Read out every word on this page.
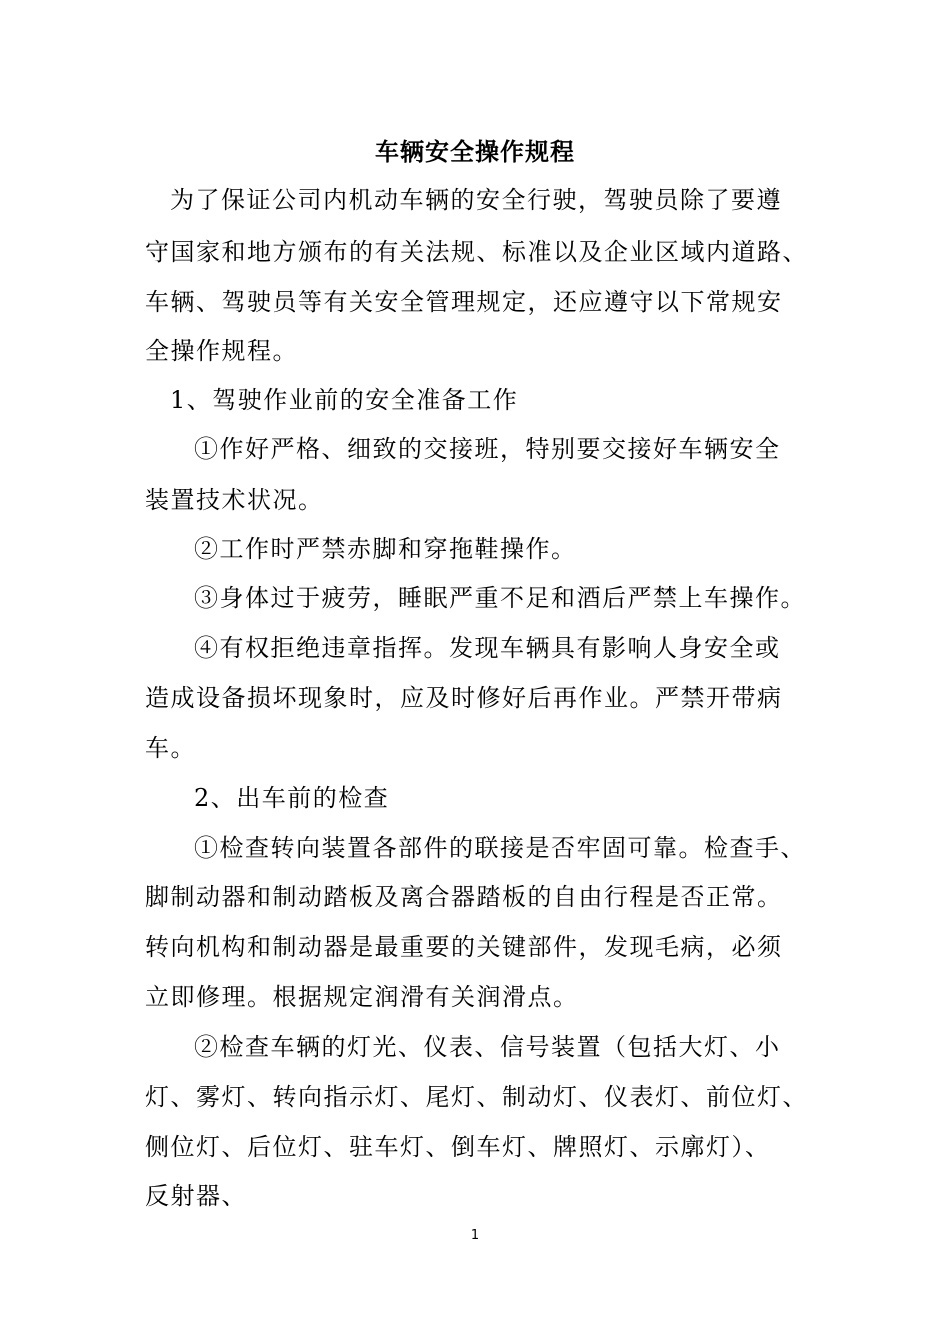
车辆安全操作规程
为了保证公司内机动车辆的安全行驶，驾驶员除了要遵
守国家和地方颁布的有关法规、标准以及企业区域内道路、
车辆、驾驶员等有关安全管理规定，还应遵守以下常规安
全操作规程。
1、驾驶作业前的安全准备工作
①作好严格、细致的交接班，特别要交接好车辆安全
装置技术状况。
②工作时严禁赤脚和穿拖鞋操作。
③身体过于疲劳，睡眠严重不足和酒后严禁上车操作。
④有权拒绝违章指挥。发现车辆具有影响人身安全或
造成设备损坏现象时，应及时修好后再作业。严禁开带病
车。
2、出车前的检查
①检查转向装置各部件的联接是否牢固可靠。检查手、
脚制动器和制动踏板及离合器踏板的自由行程是否正常。
转向机构和制动器是最重要的关键部件，发现毛病，必须
立即修理。根据规定润滑有关润滑点。
②检查车辆的灯光、仪表、信号装置（包括大灯、小
灯、雾灯、转向指示灯、尾灯、制动灯、仪表灯、前位灯、
侧位灯、后位灯、驻车灯、倒车灯、牌照灯、示廓灯）、
反射器、
1
